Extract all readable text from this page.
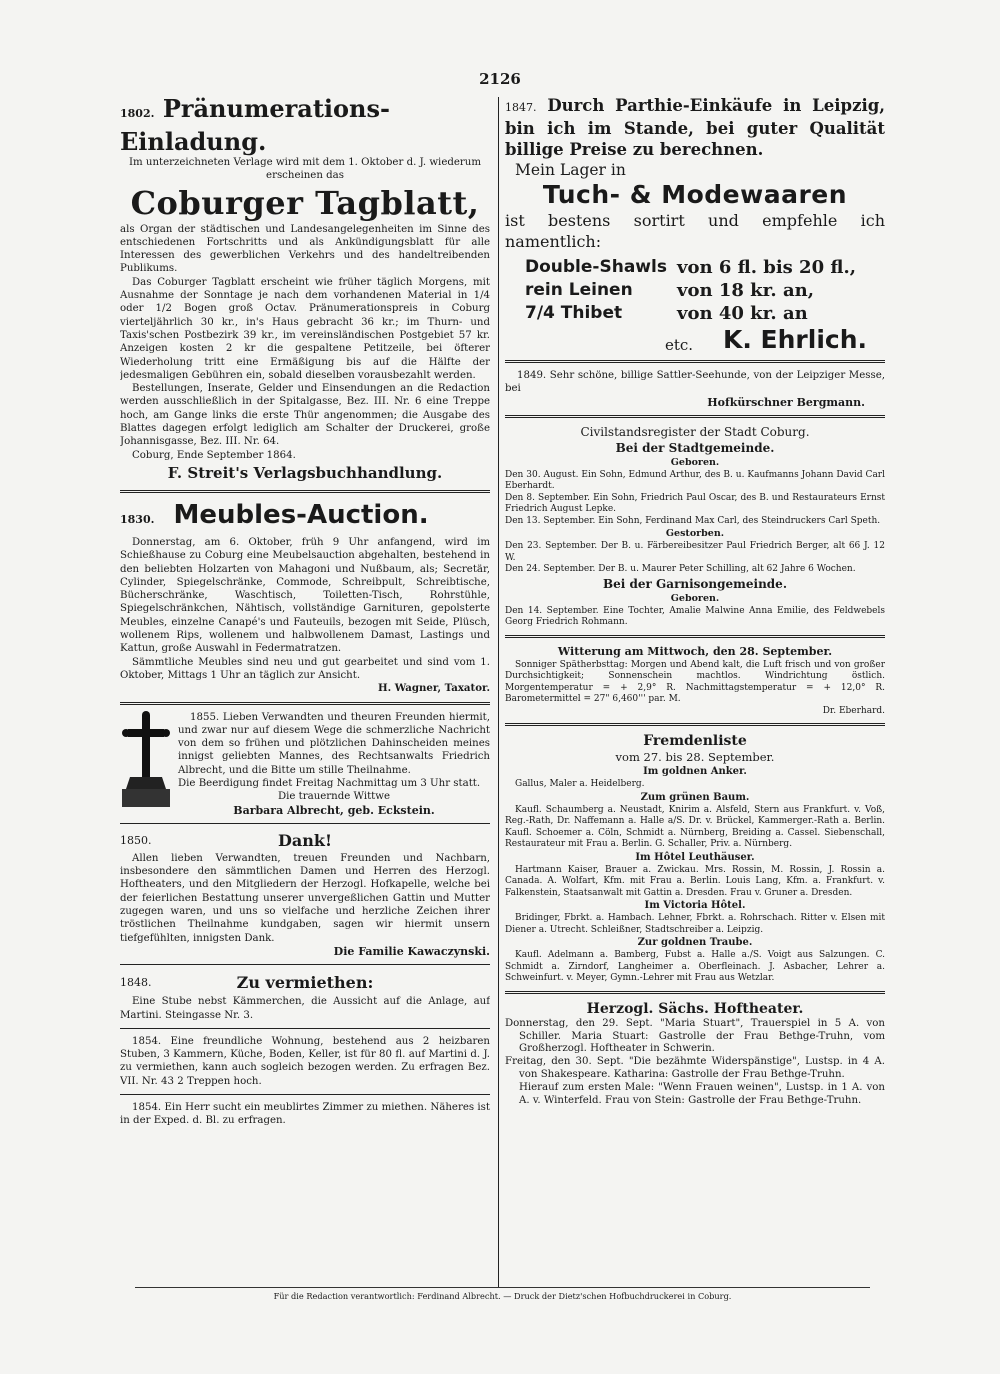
2126
1802. Pränumerations-Einladung.
Im unterzeichneten Verlage wird mit dem 1. Oktober d. J. wiederum erscheinen das
Coburger Tagblatt,
als Organ der städtischen und Landesangelegenheiten im Sinne des entschiedenen Fortschritts und als Ankündigungsblatt für alle Interessen des gewerblichen Verkehrs und des handeltreibenden Publikums.
Das Coburger Tagblatt erscheint wie früher täglich Morgens, mit Ausnahme der Sonntage je nach dem vorhandenen Material in 1/4 oder 1/2 Bogen groß Octav. Pränumerationspreis in Coburg vierteljährlich 30 kr., in's Haus gebracht 36 kr.; im Thurn- und Taxis'schen Postbezirk 39 kr., im vereinsländischen Postgebiet 57 kr. Anzeigen kosten 2 kr die gespaltene Petitzeile, bei öfterer Wiederholung tritt eine Ermäßigung bis auf die Hälfte der jedesmaligen Gebühren ein, sobald dieselben vorausbezahlt werden.
Bestellungen, Inserate, Gelder und Einsendungen an die Redaction werden ausschließlich in der Spitalgasse, Bez. III. Nr. 6 eine Treppe hoch, am Gange links die erste Thür angenommen; die Ausgabe des Blattes dagegen erfolgt lediglich am Schalter der Druckerei, große Johannisgasse, Bez. III. Nr. 64.
Coburg, Ende September 1864.
F. Streit's Verlagsbuchhandlung.
1830. Meubles-Auction.
Donnerstag, am 6. Oktober, früh 9 Uhr anfangend, wird im Schießhause zu Coburg eine Meubelsauction abgehalten, bestehend in den beliebten Holzarten von Mahagoni und Nußbaum, als; Secretär, Cylinder, Spiegelschränke, Commode, Schreibpult, Schreibtische, Bücherschränke, Waschtisch, Toiletten-Tisch, Rohrstühle, Spiegelschränkchen, Nähtisch, vollständige Garnituren, gepolsterte Meubles, einzelne Canapé's und Fauteuils, bezogen mit Seide, Plüsch, wollenem Rips, wollenem und halbwollenem Damast, Lastings und Kattun, große Auswahl in Federmatratzen.
Sämmtliche Meubles sind neu und gut gearbeitet und sind vom 1. Oktober, Mittags 1 Uhr an täglich zur Ansicht.
H. Wagner, Taxator.
1855. Lieben Verwandten und theuren Freunden hiermit, und zwar nur auf diesem Wege die schmerzliche Nachricht von dem so frühen und plötzlichen Dahinscheiden meines innigst geliebten Mannes, des Rechtsanwalts Friedrich Albrecht, und die Bitte um stille Theilnahme.
Die Beerdigung findet Freitag Nachmittag um 3 Uhr statt.
Die trauernde Wittwe
Barbara Albrecht, geb. Eckstein.
1850.	Dank!
Allen lieben Verwandten, treuen Freunden und Nachbarn, insbesondere den sämmtlichen Damen und Herren des Herzogl. Hoftheaters, und den Mitgliedern der Herzogl. Hofkapelle, welche bei der feierlichen Bestattung unserer unvergeßlichen Gattin und Mutter zugegen waren, und uns so vielfache und herzliche Zeichen ihrer tröstlichen Theilnahme kundgaben, sagen wir hiermit unsern tiefgefühlten, innigsten Dank.
Die Familie Kawaczynski.
1848.	Zu vermiethen:
Eine Stube nebst Kämmerchen, die Aussicht auf die Anlage, auf Martini. Steingasse Nr. 3.
1854. Eine freundliche Wohnung, bestehend aus 2 heizbaren Stuben, 3 Kammern, Küche, Boden, Keller, ist für 80 fl. auf Martini d. J. zu vermiethen, kann auch sogleich bezogen werden. Zu erfragen Bez. VII. Nr. 43 2 Treppen hoch.
1854. Ein Herr sucht ein meublirtes Zimmer zu miethen. Näheres ist in der Exped. d. Bl. zu erfragen.
1847. Durch Parthie-Einkäufe in Leipzig, bin ich im Stande, bei guter Qualität billige Preise zu berechnen.
Mein Lager in
Tuch- & Modewaaren
ist bestens sortirt und empfehle ich namentlich:
Double-Shawls von 6 fl. bis 20 fl.,
rein Leinen	von 18 kr. an,
7/4 Thibet	von 40 kr. an
etc. K. Ehrlich.
1849. Sehr schöne, billige Sattler-Seehunde, von der Leipziger Messe, bei
Hofkürschner Bergmann.
Civilstandsregister der Stadt Coburg.
Bei der Stadtgemeinde.
Geboren.
Den 30. August. Ein Sohn, Edmund Arthur, des B. u. Kaufmanns Johann David Carl Eberhardt.
Den 8. September. Ein Sohn, Friedrich Paul Oscar, des B. und Restaurateurs Ernst Friedrich August Lepke.
Den 13. September. Ein Sohn, Ferdinand Max Carl, des Steindruckers Carl Speth.
Gestorben.
Den 23. September. Der B. u. Färbereibesitzer Paul Friedrich Berger, alt 66 J. 12 W.
Den 24. September. Der B. u. Maurer Peter Schilling, alt 62 Jahre 6 Wochen.
Bei der Garnisongemeinde.
Geboren.
Den 14. September. Eine Tochter, Amalie Malwine Anna Emilie, des Feldwebels Georg Friedrich Rohmann.
Witterung am Mittwoch, den 28. September.
Sonniger Spätherbsttag: Morgen und Abend kalt, die Luft frisch und von großer Durchsichtigkeit; Sonnenschein machtlos. Windrichtung östlich. Morgentemperatur = + 2,9° R. Nachmittagstemperatur = + 12,0° R. Barometermittel = 27" 6,460''' par. M.
Dr. Eberhard.
Fremdenliste
vom 27. bis 28. September.
Im goldnen Anker.
Gallus, Maler a. Heidelberg.
Zum grünen Baum.
Kaufl. Schaumberg a. Neustadt, Knirim a. Alsfeld, Stern aus Frankfurt. v. Voß, Reg.-Rath, Dr. Naffemann a. Halle a/S. Dr. v. Brückel, Kammerger.-Rath a. Berlin. Kaufl. Schoemer a. Cöln, Schmidt a. Nürnberg, Breiding a. Cassel. Siebenschall, Restaurateur mit Frau a. Berlin. G. Schaller, Priv. a. Nürnberg.
Im Hôtel Leuthäuser.
Hartmann Kaiser, Brauer a. Zwickau. Mrs. Rossin, M. Rossin, J. Rossin a. Canada. A. Wolfart, Kfm. mit Frau a. Berlin. Louis Lang, Kfm. a. Frankfurt. v. Falkenstein, Staatsanwalt mit Gattin a. Dresden. Frau v. Gruner a. Dresden.
Im Victoria Hôtel.
Bridinger, Fbrkt. a. Hambach. Lehner, Fbrkt. a. Rohrschach. Ritter v. Elsen mit Diener a. Utrecht. Schleißner, Stadtschreiber a. Leipzig.
Zur goldnen Traube.
Kaufl. Adelmann a. Bamberg, Fubst a. Halle a./S. Voigt aus Salzungen. C. Schmidt a. Zirndorf, Langheimer a. Oberfleinach. J. Asbacher, Lehrer a. Schweinfurt. v. Meyer, Gymn.-Lehrer mit Frau aus Wetzlar.
Herzogl. Sächs. Hoftheater.
Donnerstag, den 29. Sept. "Maria Stuart", Trauerspiel in 5 A. von Schiller. Maria Stuart: Gastrolle der Frau Bethge-Truhn, vom Großherzogl. Hoftheater in Schwerin.
Freitag, den 30. Sept. "Die bezähmte Widerspänstige", Lustsp. in 4 A. von Shakespeare. Katharina: Gastrolle der Frau Bethge-Truhn.
Hierauf zum ersten Male: "Wenn Frauen weinen", Lustsp. in 1 A. von A. v. Winterfeld. Frau von Stein: Gastrolle der Frau Bethge-Truhn.
Für die Redaction verantwortlich: Ferdinand Albrecht. — Druck der Dietz'schen Hofbuchdruckerei in Coburg.
